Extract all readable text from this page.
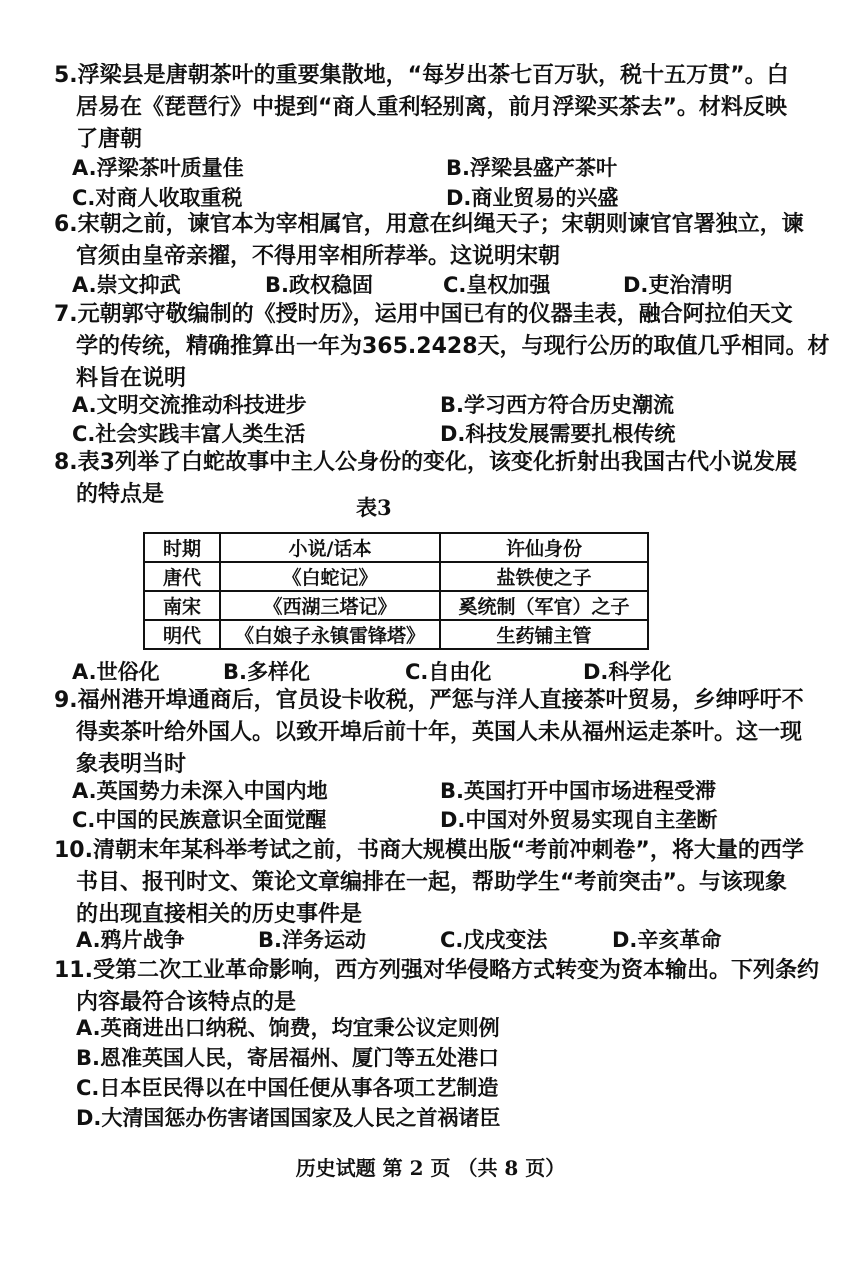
5.浮梁县是唐朝茶叶的重要集散地，“每岁出茶七百万驮，税十五万贯”。白
居易在《琵琶行》中提到“商人重利轻别离，前月浮梁买茶去”。材料反映
了唐朝
A.浮梁茶叶质量佳	B.浮梁县盛产茶叶
C.对商人收取重税	D.商业贸易的兴盛
6.宋朝之前，谏官本为宰相属官，用意在纠绳天子；宋朝则谏官官署独立，谏
官须由皇帝亲擢，不得用宰相所荐举。这说明宋朝
A.崇文抑武	B.政权稳固	C.皇权加强	D.吏治清明
7.元朝郭守敬编制的《授时历》，运用中国已有的仪器圭表，融合阿拉伯天文
学的传统，精确推算出一年为365.2428天，与现行公历的取值几乎相同。材
料旨在说明
A.文明交流推动科技进步	B.学习西方符合历史潮流
C.社会实践丰富人类生活	D.科技发展需要扎根传统
8.表3列举了白蛇故事中主人公身份的变化，该变化折射出我国古代小说发展
的特点是
表3
时期	小说/话本	许仙身份
唐代	《白蛇记》	盐铁使之子
南宋	《西湖三塔记》	奚统制（军官）之子
明代	《白娘子永镇雷锋塔》	生药铺主管
A.世俗化	B.多样化	C.自由化	D.科学化
9.福州港开埠通商后，官员设卡收税，严惩与洋人直接茶叶贸易，乡绅呼吁不
得卖茶叶给外国人。以致开埠后前十年，英国人未从福州运走茶叶。这一现
象表明当时
A.英国势力未深入中国内地	B.英国打开中国市场进程受滞
C.中国的民族意识全面觉醒	D.中国对外贸易实现自主垄断
10.清朝末年某科举考试之前，书商大规模出版“考前冲刺卷”，将大量的西学
书目、报刊时文、策论文章编排在一起，帮助学生“考前突击”。与该现象
的出现直接相关的历史事件是
A.鸦片战争	B.洋务运动	C.戊戌变法	D.辛亥革命
11.受第二次工业革命影响，西方列强对华侵略方式转变为资本输出。下列条约
内容最符合该特点的是
A.英商进出口纳税、饷费，均宜秉公议定则例
B.恩准英国人民，寄居福州、厦门等五处港口
C.日本臣民得以在中国任便从事各项工艺制造
D.大清国惩办伤害诸国国家及人民之首祸诸臣
历史试题 第 2 页 （共 8 页）
